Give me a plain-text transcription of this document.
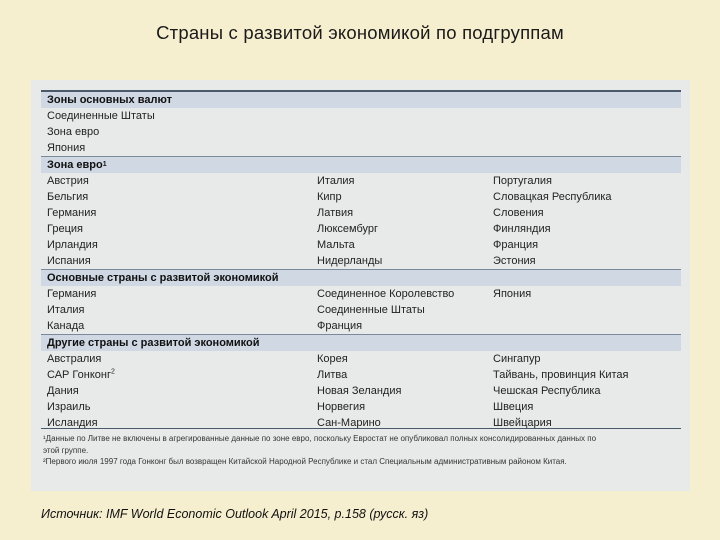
Страны с развитой экономикой по подгруппам
Зоны основных валют
Соединенные Штаты
Зона евро
Япония
Зона евро 1
Австрия	Италия	Португалия
Бельгия	Кипр	Словацкая Республика
Германия	Латвия	Словения
Греция	Люксембург	Финляндия
Ирландия	Мальта	Франция
Испания	Нидерланды	Эстония
Основные страны с развитой экономикой
Германия	Соединенное Королевство	Япония
Италия	Соединенные Штаты
Канада	Франция
Другие страны с развитой экономикой
Австралия	Корея	Сингапур
САР Гонконг$^2$	Литва	Тайвань, провинция Китая
Дания	Новая Зеландия	Чешская Республика
Израиль	Норвегия	Швеция
Исландия	Сан-Марино	Швейцария
¹Данные по Литве не включены в агрегированные данные по зоне евро, поскольку Евростат не опубликовал полных консолидированных данных по
этой группе.
²Первого июля 1997 года Гонконг был возвращен Китайской Народной Республике и стал Специальным административным районом Китая.
Источник: IMF World Economic Outlook April 2015, p.158 (русск. яз)
